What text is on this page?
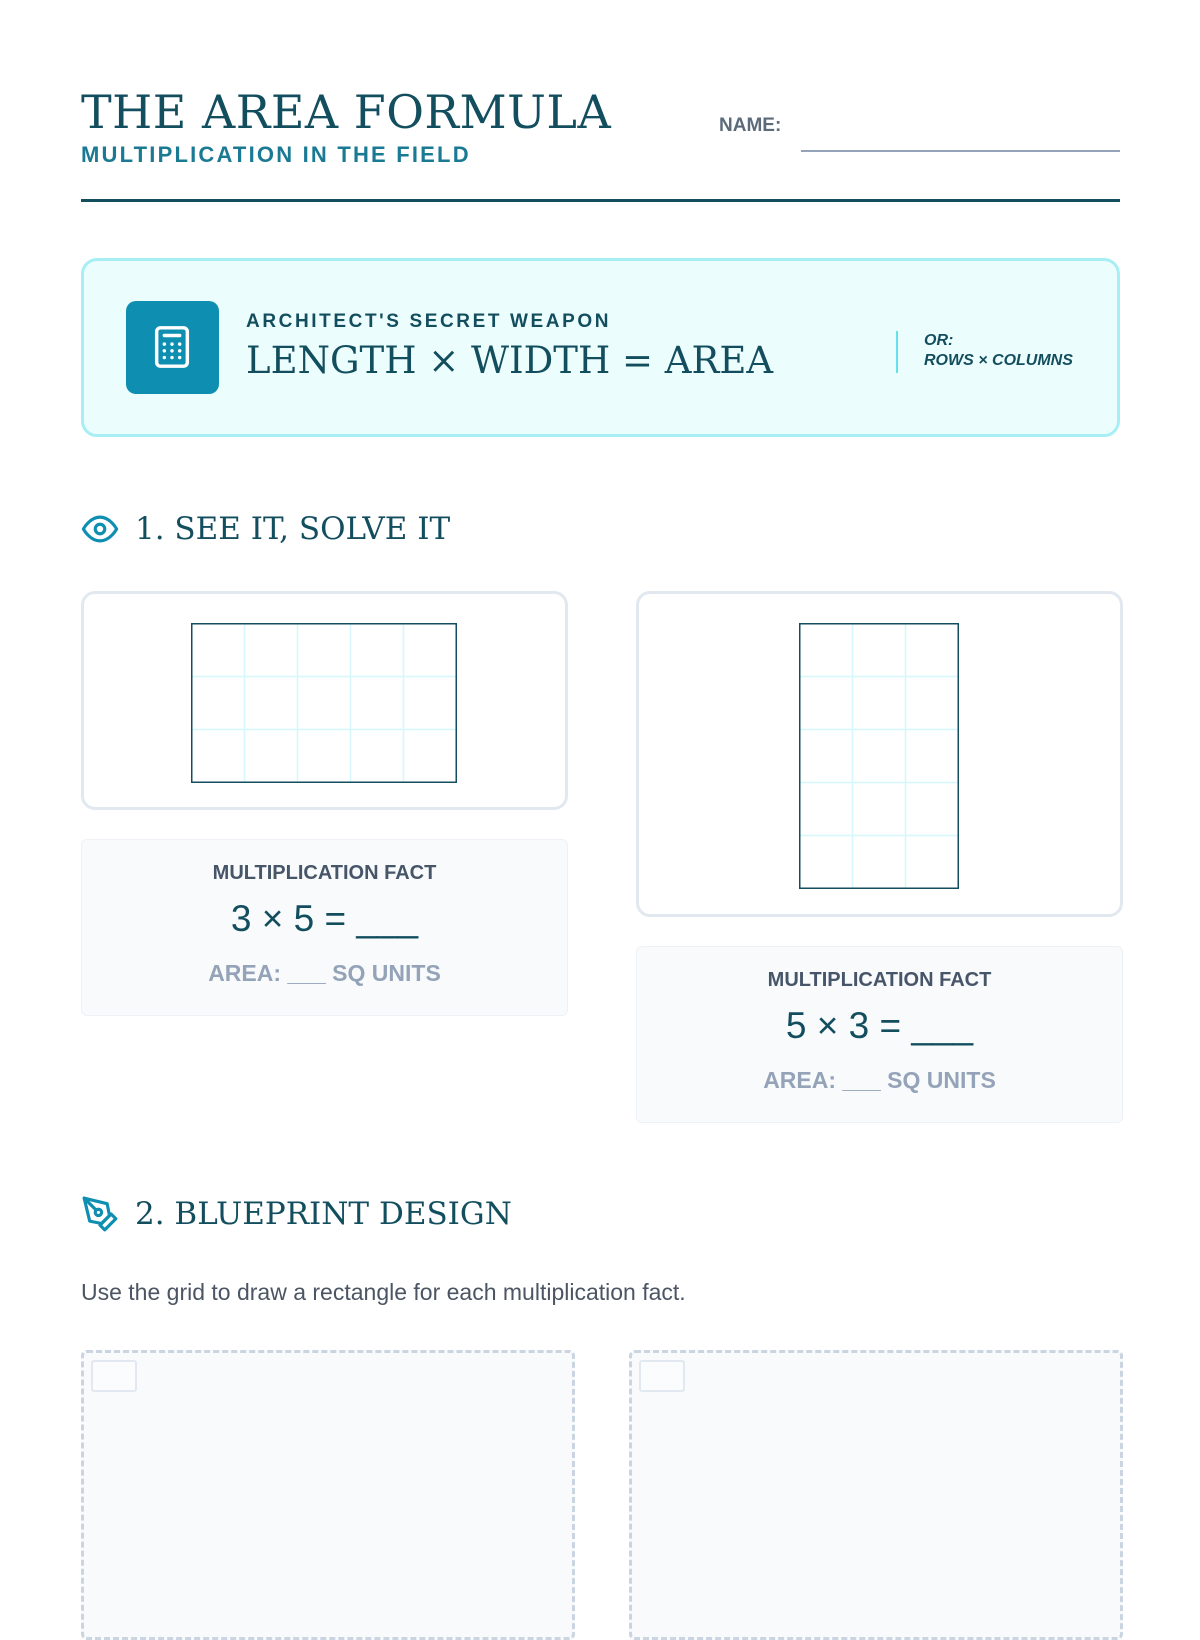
THE AREA FORMULA
MULTIPLICATION IN THE FIELD
NAME:
ARCHITECT'S SECRET WEAPON
LENGTH × WIDTH = AREA	OR:
ROWS × COLUMNS
1. SEE IT, SOLVE IT
MULTIPLICATION FACT
3 × 5 = ___
AREA: ___ SQ UNITS	MULTIPLICATION FACT
5 × 3 = ___
AREA: ___ SQ UNITS
2. BLUEPRINT DESIGN
Use the grid to draw a rectangle for each multiplication fact.
